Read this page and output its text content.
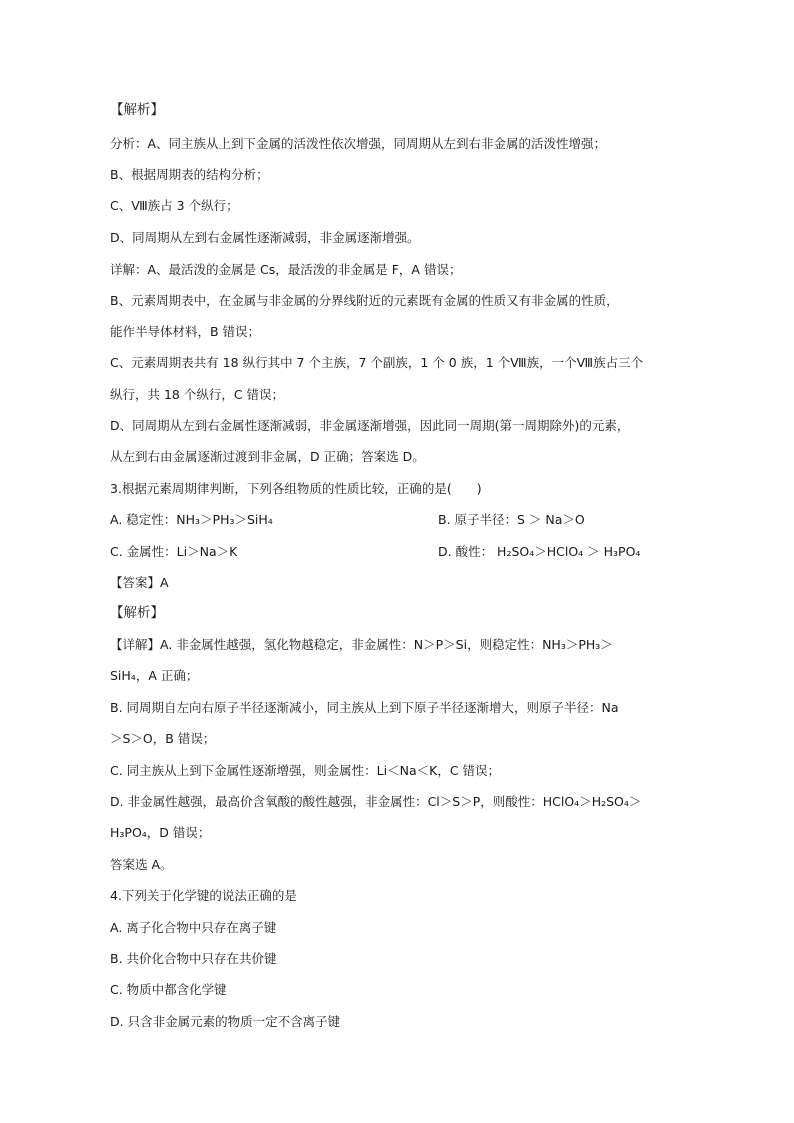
【解析】
分析：A、同主族从上到下金属的活泼性依次增强，同周期从左到右非金属的活泼性增强；
B、根据周期表的结构分析；
C、Ⅷ族占 3 个纵行；
D、同周期从左到右金属性逐渐减弱，非金属逐渐增强。
详解：A、最活泼的金属是 Cs，最活泼的非金属是 F，A 错误；
B、元素周期表中，在金属与非金属的分界线附近的元素既有金属的性质又有非金属的性质，
能作半导体材料，B 错误；
C、元素周期表共有 18 纵行其中 7 个主族，7 个副族，1 个 0 族，1 个Ⅷ族，一个Ⅷ族占三个
纵行，共 18 个纵行，C 错误；
D、同周期从左到右金属性逐渐减弱，非金属逐渐增强，因此同一周期(第一周期除外)的元素，
从左到右由金属逐渐过渡到非金属，D 正确；答案选 D。
3.根据元素周期律判断，下列各组物质的性质比较，正确的是(　　)
A. 稳定性：NH₃＞PH₃＞SiH₄	B. 原子半径：S ＞ Na＞O
C. 金属性：Li＞Na＞K	D. 酸性： H₂SO₄＞HClO₄ ＞ H₃PO₄
【答案】A
【解析】
【详解】A. 非金属性越强，氢化物越稳定，非金属性：N＞P＞Si，则稳定性：NH₃＞PH₃＞
SiH₄，A 正确；
B. 同周期自左向右原子半径逐渐减小，同主族从上到下原子半径逐渐增大，则原子半径：Na
＞S＞O，B 错误；
C. 同主族从上到下金属性逐渐增强，则金属性：Li＜Na＜K，C 错误；
D. 非金属性越强，最高价含氧酸的酸性越强，非金属性：Cl＞S＞P，则酸性：HClO₄＞H₂SO₄＞
H₃PO₄，D 错误；
答案选 A。
4.下列关于化学键的说法正确的是
A. 离子化合物中只存在离子键
B. 共价化合物中只存在共价键
C. 物质中都含化学键
D. 只含非金属元素的物质一定不含离子键
